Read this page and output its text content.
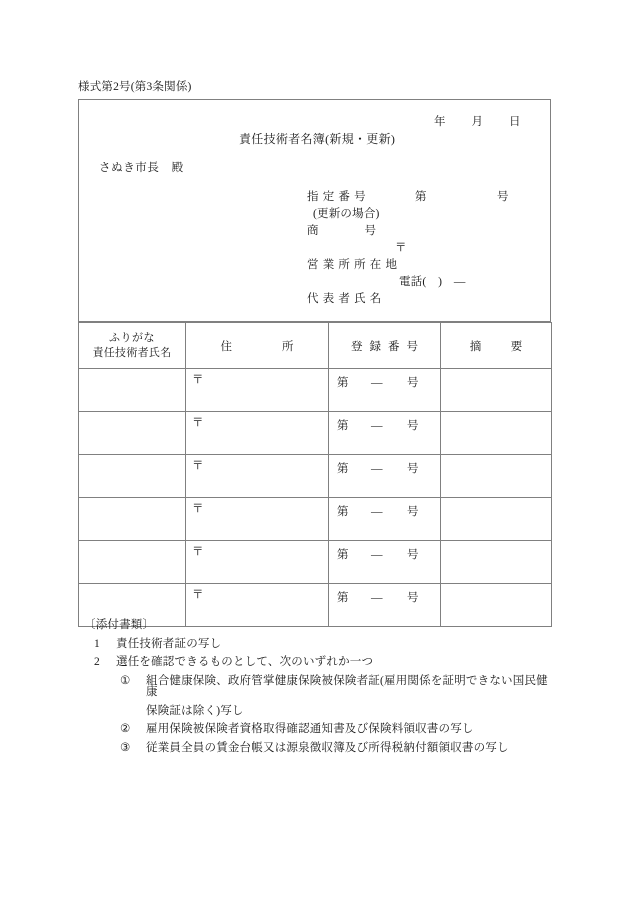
様式第2号(第3条関係)
年 月 日
責任技術者名簿(新規・更新)
さぬき市長　殿
指定番号	第	号
(更新の場合)
商　　　　号
〒
営業所所在地
電話(　)　―
代表者氏名
ふりがな
責任技術者氏名	住　　所	登録番号	摘　要

	〒	第 ― 号	

	〒	第 ― 号	

	〒	第 ― 号	

	〒	第 ― 号	

	〒	第 ― 号	

	〒	第 ― 号	

〔添付書類〕
1	責任技術者証の写し
2	選任を確認できるものとして、次のいずれか一つ
①	組合健康保険、政府管掌健康保険被保険者証(雇用関係を証明できない国民健康
保険証は除く)写し
②	雇用保険被保険者資格取得確認通知書及び保険料領収書の写し
③	従業員全員の賃金台帳又は源泉徴収簿及び所得税納付額領収書の写し
